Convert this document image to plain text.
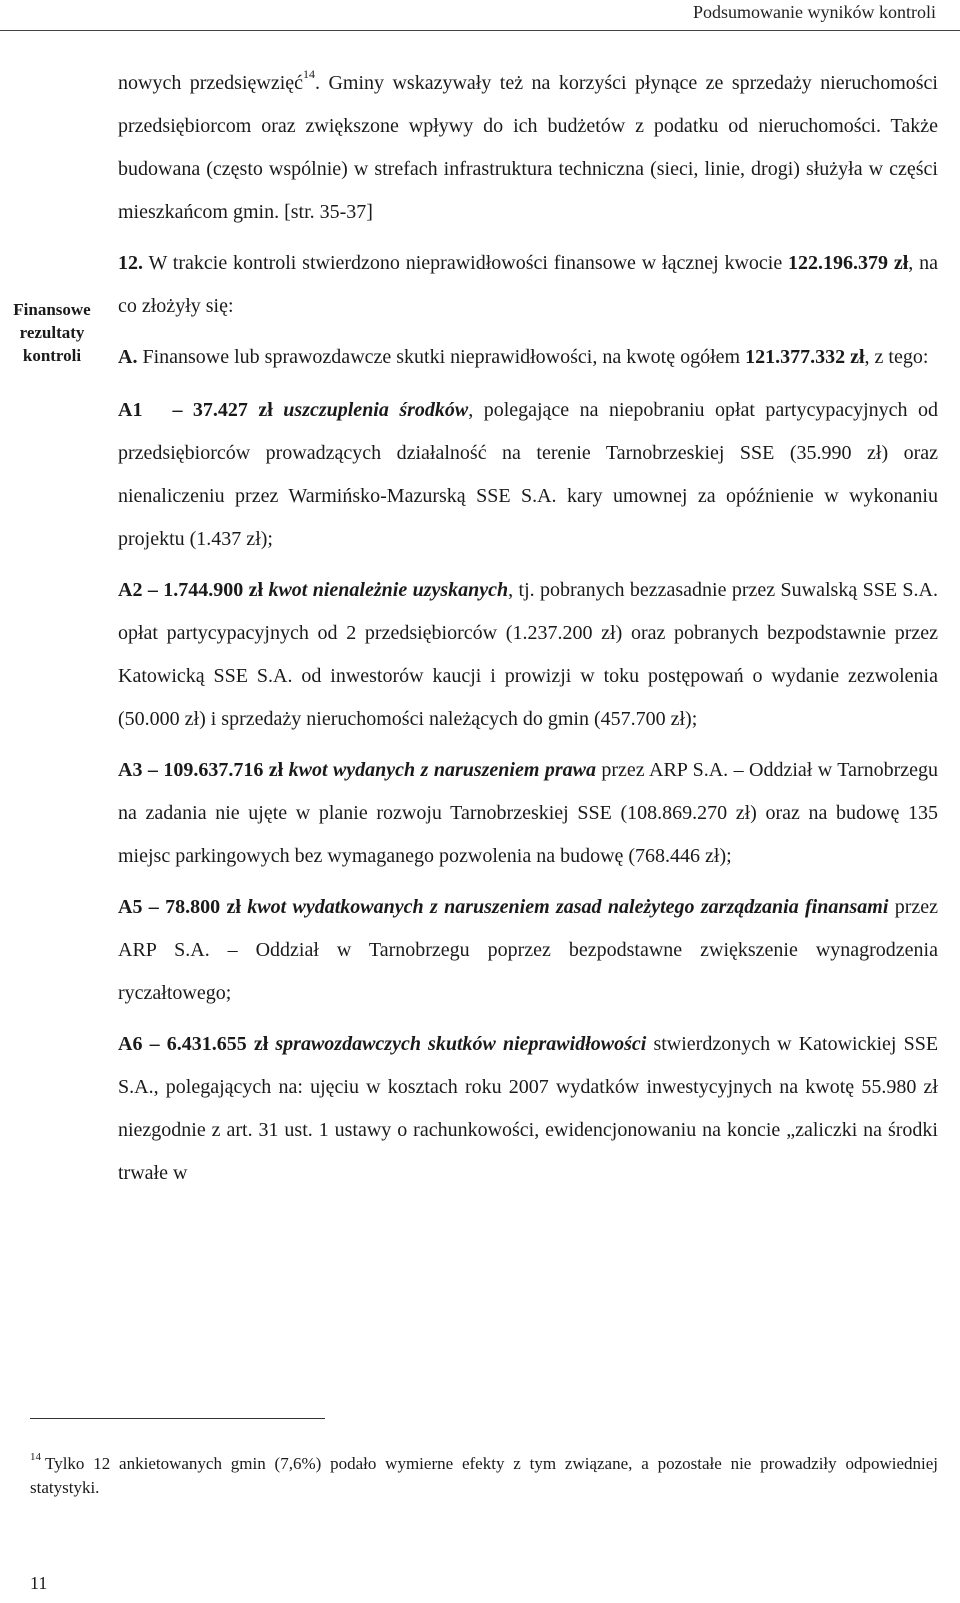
Podsumowanie wyników kontroli
Finansowe
rezultaty
kontroli

nowych przedsięwzięć$^{14}$. Gminy wskazywały też na korzyści płynące ze sprzedaży nieruchomości przedsiębiorcom oraz zwiększone wpływy do ich budżetów z podatku od nieruchomości. Także budowana (często wspólnie) w strefach infrastruktura techniczna (sieci, linie, drogi) służyła w części mieszkańcom gmin. [str. 35-37]

12. W trakcie kontroli stwierdzono nieprawidłowości finansowe w łącznej kwocie 122.196.379 zł, na co złożyły się:

A. Finansowe lub sprawozdawcze skutki nieprawidłowości, na kwotę ogółem 121.377.332 zł, z tego:

A1 – 37.427 zł uszczuplenia środków, polegające na niepobraniu opłat partycypacyjnych od przedsiębiorców prowadzących działalność na terenie Tarnobrzeskiej SSE (35.990 zł) oraz nienaliczeniu przez Warmińsko-Mazurską SSE S.A. kary umownej za opóźnienie w wykonaniu projektu (1.437 zł);

A2 – 1.744.900 zł kwot nienależnie uzyskanych, tj. pobranych bezzasadnie przez Suwalską SSE S.A. opłat partycypacyjnych od 2 przedsiębiorców (1.237.200 zł) oraz pobranych bezpodstawnie przez Katowicką SSE S.A. od inwestorów kaucji i prowizji w toku postępowań o wydanie zezwolenia (50.000 zł) i sprzedaży nieruchomości należących do gmin (457.700 zł);

A3 – 109.637.716 zł kwot wydanych z naruszeniem prawa przez ARP S.A. – Oddział w Tarnobrzegu na zadania nie ujęte w planie rozwoju Tarnobrzeskiej SSE (108.869.270 zł) oraz na budowę 135 miejsc parkingowych bez wymaganego pozwolenia na budowę (768.446 zł);

A5 – 78.800 zł kwot wydatkowanych z naruszeniem zasad należytego zarządzania finansami przez ARP S.A. – Oddział w Tarnobrzegu poprzez bezpodstawne zwiększenie wynagrodzenia ryczałtowego;

A6 – 6.431.655 zł sprawozdawczych skutków nieprawidłowości stwierdzonych w Katowickiej SSE S.A., polegających na: ujęciu w kosztach roku 2007 wydatków inwestycyjnych na kwotę 55.980 zł niezgodnie z art. 31 ust. 1 ustawy o rachunkowości, ewidencjonowaniu na koncie „zaliczki na środki trwałe w

$^{14}$ Tylko 12 ankietowanych gmin (7,6%) podało wymierne efekty z tym związane, a pozostałe nie prowadziły odpowiedniej statystyki.
11
